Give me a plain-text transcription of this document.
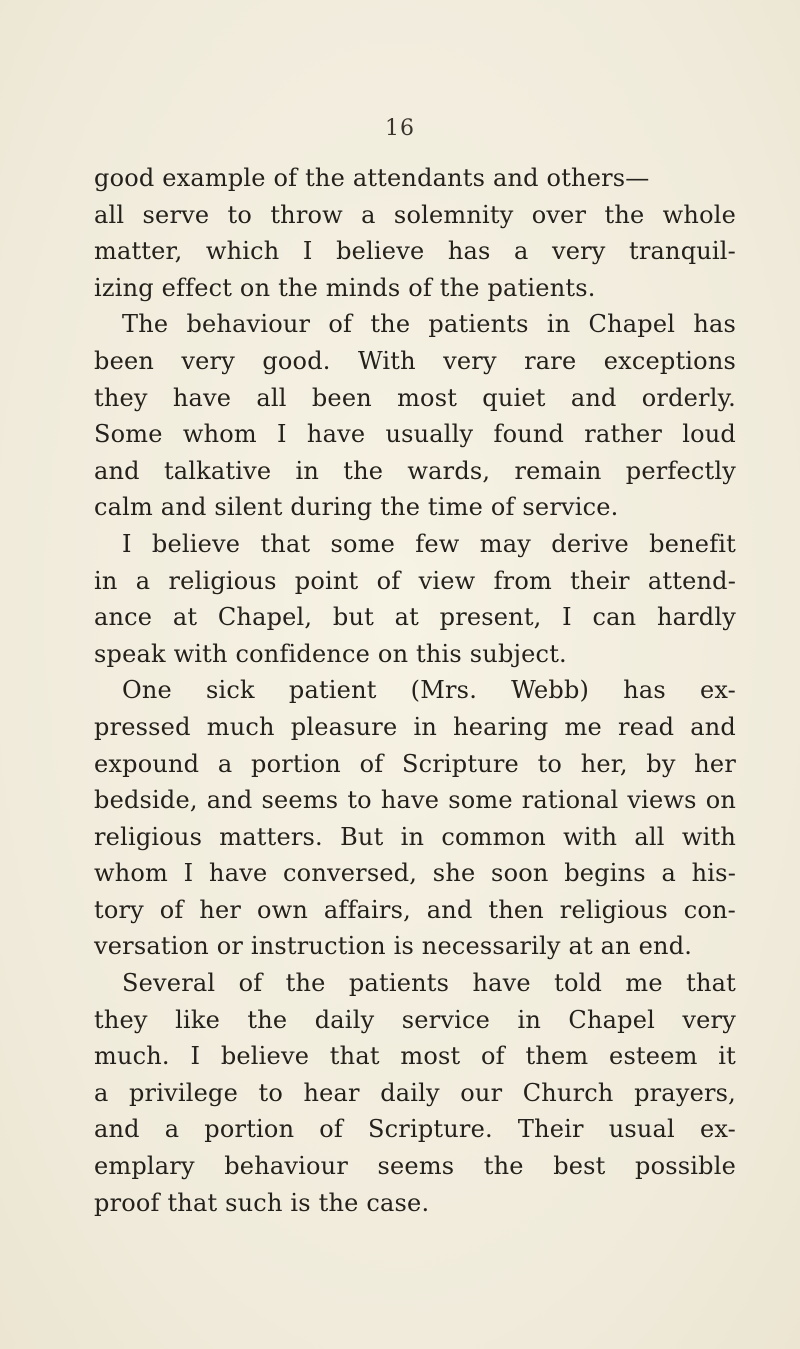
16
good example of the attendants and others—
all serve to throw a solemnity over the whole
matter, which I believe has a very tranquil-
izing effect on the minds of the patients.
The behaviour of the patients in Chapel has
been very good. With very rare exceptions
they have all been most quiet and orderly.
Some whom I have usually found rather loud
and talkative in the wards, remain perfectly
calm and silent during the time of service.
I believe that some few may derive benefit
in a religious point of view from their attend-
ance at Chapel, but at present, I can hardly
speak with confidence on this subject.
One sick patient (Mrs. Webb) has ex-
pressed much pleasure in hearing me read and
expound a portion of Scripture to her, by her
bedside, and seems to have some rational views on
religious matters. But in common with all with
whom I have conversed, she soon begins a his-
tory of her own affairs, and then religious con-
versation or instruction is necessarily at an end.
Several of the patients have told me that
they like the daily service in Chapel very
much. I believe that most of them esteem it
a privilege to hear daily our Church prayers,
and a portion of Scripture. Their usual ex-
emplary behaviour seems the best possible
proof that such is the case.
